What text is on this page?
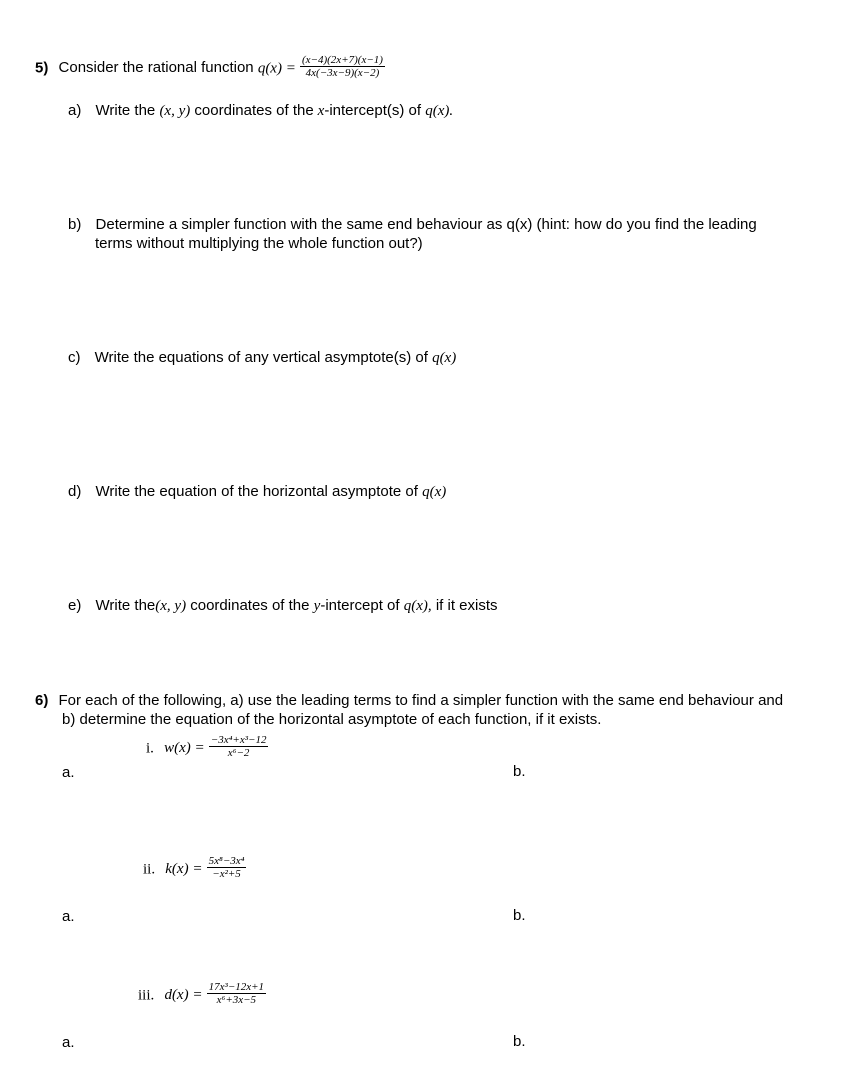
5) Consider the rational function $q(x) = \frac{(x-4)(2x+7)(x-1)}{4x(-3x-9)(x-2)}$
a) Write the (x, y) coordinates of the x-intercept(s) of q(x).
b) Determine a simpler function with the same end behaviour as q(x) (hint: how do you find the leading
terms without multiplying the whole function out?)
c) Write the equations of any vertical asymptote(s) of q(x)
d) Write the equation of the horizontal asymptote of q(x)
e) Write the(x, y) coordinates of the y-intercept of q(x), if it exists
6) For each of the following, a) use the leading terms to find a simpler function with the same end behaviour and
b) determine the equation of the horizontal asymptote of each function, if it exists.
i. $w(x) = \frac{\text{−3x⁴+x³−12}}{\text{x⁶−2}}$
a.	b.
ii. $k(x) = \frac{\text{5x⁸−3x⁴}}{\text{−x²+5}}$
a.	b.
iii. $d(x) = \frac{\text{17x³−12x+1}}{\text{x⁶+3x−5}}$
a.	b.
